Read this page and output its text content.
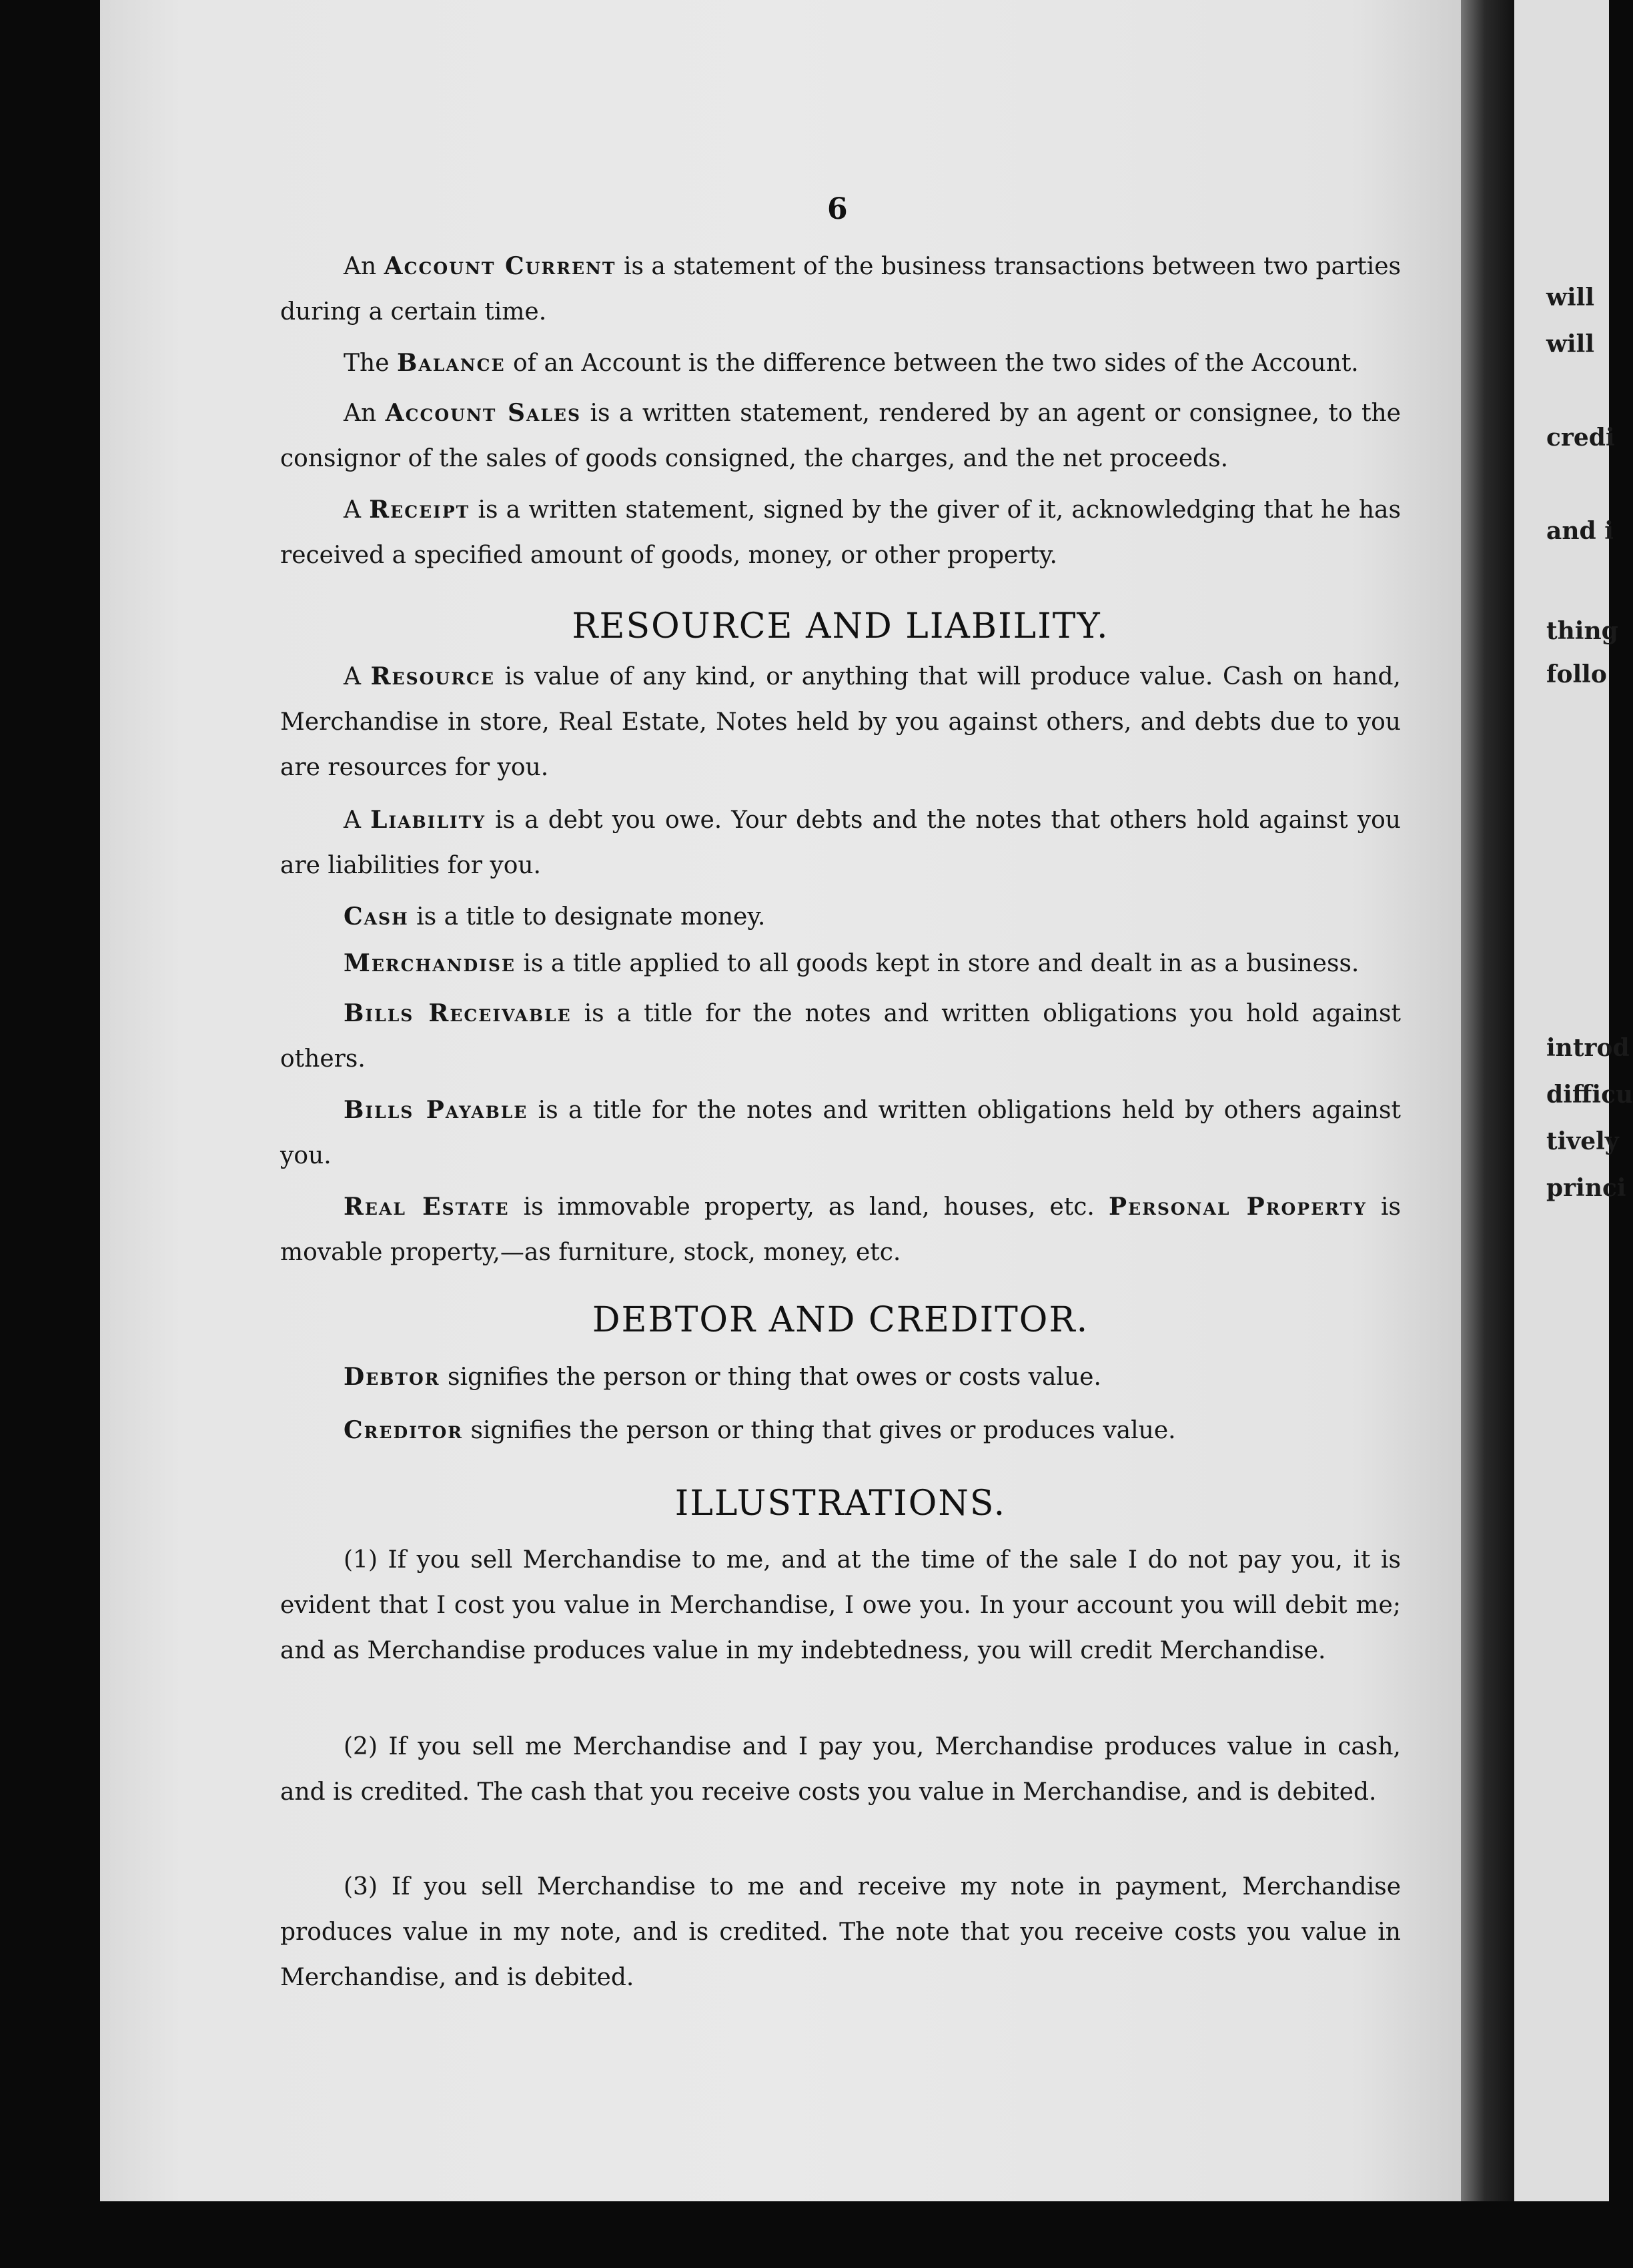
will
will
credi
and i
thing
follo
introd
difficu
tively
princi
6

An Account Current is a statement of the business transactions between two parties during a certain time.

The Balance of an Account is the difference between the two sides of the Account.

An Account Sales is a written statement, rendered by an agent or consignee, to the consignor of the sales of goods consigned, the charges, and the net proceeds.

A Receipt is a written statement, signed by the giver of it, acknowledging that he has received a specified amount of goods, money, or other property.

RESOURCE AND LIABILITY.

A Resource is value of any kind, or anything that will produce value. Cash on hand, Merchandise in store, Real Estate, Notes held by you against others, and debts due to you are resources for you.

A Liability is a debt you owe. Your debts and the notes that others hold against you are liabilities for you.

Cash is a title to designate money.

Merchandise is a title applied to all goods kept in store and dealt in as a business.

Bills Receivable is a title for the notes and written obligations you hold against others.

Bills Payable is a title for the notes and written obligations held by others against you.

Real Estate is immovable property, as land, houses, etc. Personal Property is movable property,—as furniture, stock, money, etc.

DEBTOR AND CREDITOR.

Debtor signifies the person or thing that owes or costs value.

Creditor signifies the person or thing that gives or produces value.

ILLUSTRATIONS.

(1) If you sell Merchandise to me, and at the time of the sale I do not pay you, it is evident that I cost you value in Merchandise, I owe you. In your account you will debit me; and as Merchandise produces value in my indebtedness, you will credit Merchandise.

(2) If you sell me Merchandise and I pay you, Merchandise produces value in cash, and is credited. The cash that you receive costs you value in Merchandise, and is debited.

(3) If you sell Merchandise to me and receive my note in payment, Merchandise produces value in my note, and is credited. The note that you receive costs you value in Merchandise, and is debited.
